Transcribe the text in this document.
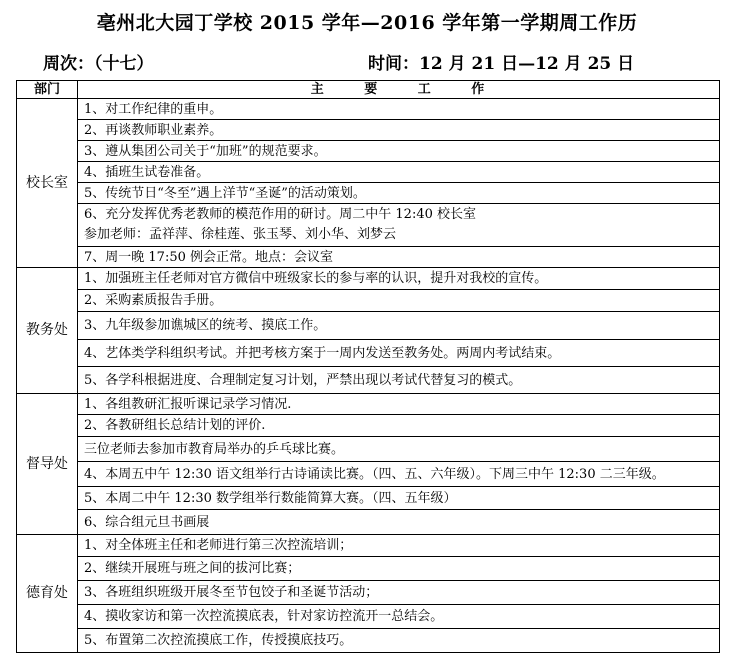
亳州北大园丁学校 2015 学年—2016 学年第一学期周工作历
周次：（十七）	时间：12 月 21 日—12 月 25 日
部门	主 要 工 作
校长室	1、对工作纪律的重申。
	2、再谈教师职业素养。
	3、遵从集团公司关于“加班”的规范要求。
	4、插班生试卷准备。
	5、传统节日“冬至”遇上洋节“圣诞”的活动策划。

	6、充分发挥优秀老教师的模范作用的研讨。周二中午 12:40 校长室
参加老师：孟祥萍、徐桂莲、张玉琴、刘小华、刘梦云

	7、周一晚 17:50 例会正常。地点：会议室
教务处	1、加强班主任老师对官方微信中班级家长的参与率的认识，提升对我校的宣传。
	2、采购素质报告手册。
	3、九年级参加谯城区的统考、摸底工作。
	4、艺体类学科组织考试。并把考核方案于一周内发送至教务处。两周内考试结束。
	5、各学科根据进度、合理制定复习计划，严禁出现以考试代替复习的模式。
督导处	1、各组教研汇报听课记录学习情况.
	2、各教研组长总结计划的评价.
	三位老师去参加市教育局举办的乒乓球比赛。
	4、本周五中午 12:30 语文组举行古诗诵读比赛。（四、五、六年级）。下周三中午 12:30 二三年级。
	5、本周二中午 12:30 数学组举行数能简算大赛。（四、五年级）
	6、综合组元旦书画展
德育处	1、对全体班主任和老师进行第三次控流培训；
	2、继续开展班与班之间的拔河比赛；
	3、各班组织班级开展冬至节包饺子和圣诞节活动；
	4、摸收家访和第一次控流摸底表，针对家访控流开一总结会。
	5、布置第二次控流摸底工作，传授摸底技巧。
